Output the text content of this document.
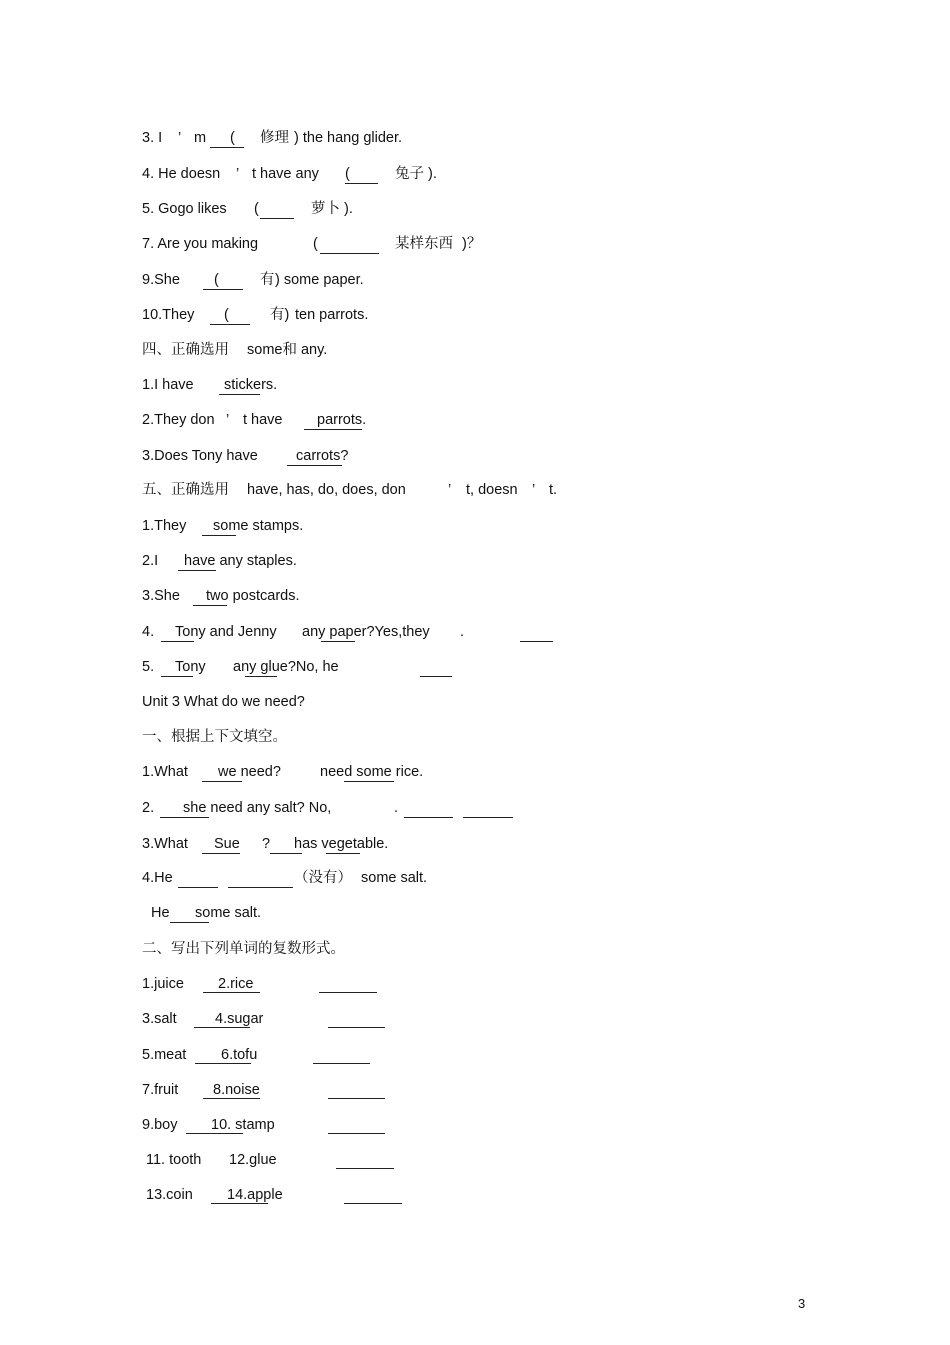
3. I ’ m ( 修理 ) the hang glider.
4. He doesn ’ t have any (	兔子 ).
5. Gogo likes (	萝卜 ).
7. Are you making	(	某样东西 )？
9.She (	有 ) some paper.
10.They (	有) ten parrots.
四、正确选用 some和 any.
1.I have stickers.
2.They don ’ t have parrots.
3.Does Tony have	carrots?
五、正确选用 have, has, do, does, don	’ t, doesn ’ t.
1.They some stamps.
2.I have any staples.
3.She two postcards.
4. Tony and Jenny any paper?Yes,they .
5. Tony any glue?No, he
Unit 3 What do we need?
一、根据上下文填空。
1.What we need?	need some rice.
2. she need any salt? No,	.
3.What Sue ? has vegetable.
4.He	（没有） some salt.
He some salt.
二、写出下列单词的复数形式。
1.juice 2.rice
3.salt	4.sugar
5.meat 6.tofu
7.fruit 8.noise
9.boy 10. stamp
11. tooth 12.glue
13.coin 14.apple
3
